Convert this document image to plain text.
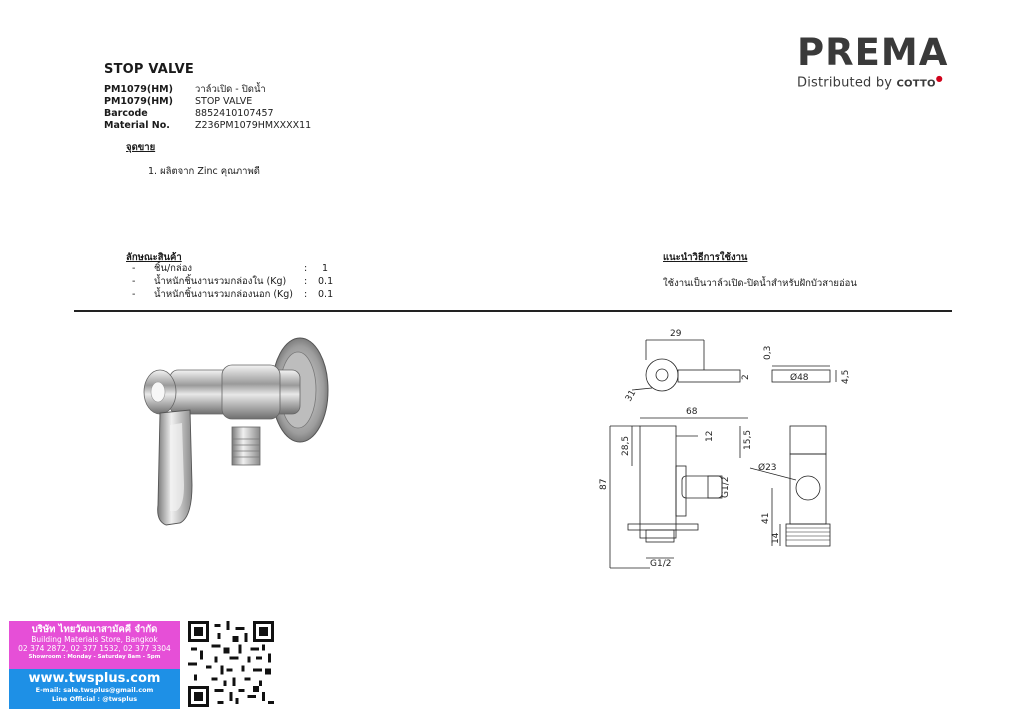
STOP VALVE
PM1079(HM)	วาล์วเปิด - ปิดน้ำ
PM1079(HM)	STOP VALVE
Barcode	8852410107457
Material No.	Z236PM1079HMXXXX11
จุดขาย
1. ผลิตจาก Zinc คุณภาพดี
ลักษณะสินค้า
-	ชิ้น/กล่อง	:	1
-	น้ำหนักชิ้นงานรวมกล่องใน (Kg)	:	0.1
-	น้ำหนักชิ้นงานรวมกล่องนอก (Kg)	:	0.1
แนะนำวิธีการใช้งาน
ใช้งานเป็นวาล์วเปิด-ปิดน้ำสำหรับฝักบัวสายอ่อน
PREMA
Distributed by COTTO●
29
0,3
Ø48	4,5
31
2
68
28,5	12	15,5
87	G1/2
Ø23
41
14
G1/2
บริษัท ไทยวัฒนาสามัคคี จำกัด
Building Materials Store, Bangkok
02 374 2872, 02 377 1532, 02 377 3304
Showroom : Monday - Saturday 8am - 5pm
www.twsplus.com
E-mail: sale.twsplus@gmail.com
Line Official : @twsplus
